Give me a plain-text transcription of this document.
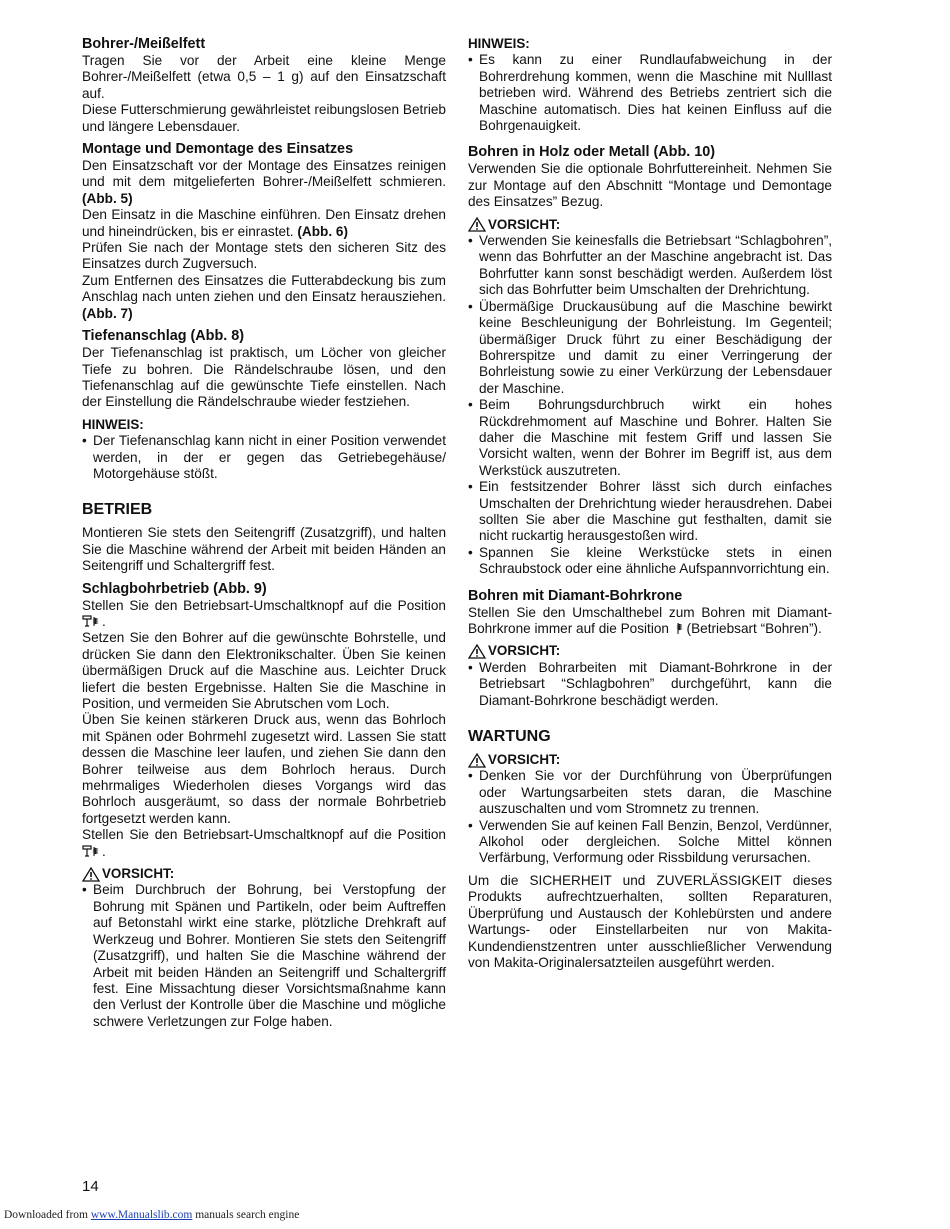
Bohrer-/Meißelfett

Tragen Sie vor der Arbeit eine kleine Menge Bohrer-/Meißelfett (etwa 0,5 – 1 g) auf den Einsatzschaft auf.

Diese Futterschmierung gewährleistet reibungslosen Betrieb und längere Lebensdauer.

Montage und Demontage des Einsatzes

Den Einsatzschaft vor der Montage des Einsatzes reinigen und mit dem mitgelieferten Bohrer-/Meißelfett schmieren. (Abb. 5)

Den Einsatz in die Maschine einführen. Den Einsatz drehen und hineindrücken, bis er einrastet. (Abb. 6)

Prüfen Sie nach der Montage stets den sicheren Sitz des Einsatzes durch Zugversuch.

Zum Entfernen des Einsatzes die Futterabdeckung bis zum Anschlag nach unten ziehen und den Einsatz herausziehen. (Abb. 7)

Tiefenanschlag (Abb. 8)

Der Tiefenanschlag ist praktisch, um Löcher von gleicher Tiefe zu bohren. Die Rändelschraube lösen, und den Tiefenanschlag auf die gewünschte Tiefe einstellen. Nach der Einstellung die Rändelschraube wieder festziehen.

HINWEIS:

• Der Tiefenanschlag kann nicht in einer Position verwendet werden, in der er gegen das Getriebegehäuse/ Motorgehäuse stößt.
BETRIEB

Montieren Sie stets den Seitengriff (Zusatzgriff), und halten Sie die Maschine während der Arbeit mit beiden Händen an Seitengriff und Schaltergriff fest.

Schlagbohrbetrieb (Abb. 9)

Stellen Sie den Betriebsart-Umschaltknopf auf die Position .

Setzen Sie den Bohrer auf die gewünschte Bohrstelle, und drücken Sie dann den Elektronikschalter. Üben Sie keinen übermäßigen Druck auf die Maschine aus. Leichter Druck liefert die besten Ergebnisse. Halten Sie die Maschine in Position, und vermeiden Sie Abrutschen vom Loch.

Üben Sie keinen stärkeren Druck aus, wenn das Bohrloch mit Spänen oder Bohrmehl zugesetzt wird. Lassen Sie statt dessen die Maschine leer laufen, und ziehen Sie dann den Bohrer teilweise aus dem Bohrloch heraus. Durch mehrmaliges Wiederholen dieses Vorgangs wird das Bohrloch ausgeräumt, so dass der normale Bohrbetrieb fortgesetzt werden kann.

Stellen Sie den Betriebsart-Umschaltknopf auf die Position .

VORSICHT:

• Beim Durchbruch der Bohrung, bei Verstopfung der Bohrung mit Spänen und Partikeln, oder beim Auftreffen auf Betonstahl wirkt eine starke, plötzliche Drehkraft auf Werkzeug und Bohrer. Montieren Sie stets den Seitengriff (Zusatzgriff), und halten Sie die Maschine während der Arbeit mit beiden Händen an Seitengriff und Schaltergriff fest. Eine Missachtung dieser Vorsichtsmaßnahme kann den Verlust der Kontrolle über die Maschine und mögliche schwere Verletzungen zur Folge haben.

HINWEIS:

• Es kann zu einer Rundlaufabweichung in der Bohrerdrehung kommen, wenn die Maschine mit Nulllast betrieben wird. Während des Betriebs zentriert sich die Maschine automatisch. Dies hat keinen Einfluss auf die Bohrgenauigkeit.
Bohren in Holz oder Metall (Abb. 10)

Verwenden Sie die optionale Bohrfuttereinheit. Nehmen Sie zur Montage auf den Abschnitt “Montage und Demontage des Einsatzes” Bezug.

VORSICHT:

• Verwenden Sie keinesfalls die Betriebsart “Schlagbohren”, wenn das Bohrfutter an der Maschine angebracht ist. Das Bohrfutter kann sonst beschädigt werden. Außerdem löst sich das Bohrfutter beim Umschalten der Drehrichtung.
• Übermäßige Druckausübung auf die Maschine bewirkt keine Beschleunigung der Bohrleistung. Im Gegenteil; übermäßiger Druck führt zu einer Beschädigung der Bohrerspitze und damit zu einer Verringerung der Bohrleistung sowie zu einer Verkürzung der Lebensdauer der Maschine.
• Beim Bohrungsdurchbruch wirkt ein hohes Rückdrehmoment auf Maschine und Bohrer. Halten Sie daher die Maschine mit festem Griff und lassen Sie Vorsicht walten, wenn der Bohrer im Begriff ist, aus dem Werkstück auszutreten.
• Ein festsitzender Bohrer lässt sich durch einfaches Umschalten der Drehrichtung wieder herausdrehen. Dabei sollten Sie aber die Maschine gut festhalten, damit sie nicht ruckartig herausgestoßen wird.
• Spannen Sie kleine Werkstücke stets in einen Schraubstock oder eine ähnliche Aufspannvorrichtung ein.
Bohren mit Diamant-Bohrkrone

Stellen Sie den Umschalthebel zum Bohren mit Diamant-Bohrkrone immer auf die Position (Betriebsart “Bohren”).

VORSICHT:

• Werden Bohrarbeiten mit Diamant-Bohrkrone in der Betriebsart “Schlagbohren” durchgeführt, kann die Diamant-Bohrkrone beschädigt werden.
WARTUNG

VORSICHT:

• Denken Sie vor der Durchführung von Überprüfungen oder Wartungsarbeiten stets daran, die Maschine auszuschalten und vom Stromnetz zu trennen.
• Verwenden Sie auf keinen Fall Benzin, Benzol, Verdünner, Alkohol oder dergleichen. Solche Mittel können Verfärbung, Verformung oder Rissbildung verursachen.

Um die SICHERHEIT und ZUVERLÄSSIGKEIT dieses Produkts aufrechtzuerhalten, sollten Reparaturen, Überprüfung und Austausch der Kohlebürsten und andere Wartungs- oder Einstellarbeiten nur von Makita-Kundendienstzentren unter ausschließlicher Verwendung von Makita-Originalersatzteilen ausgeführt werden.

14
Downloaded from www.Manualslib.com manuals search engine
